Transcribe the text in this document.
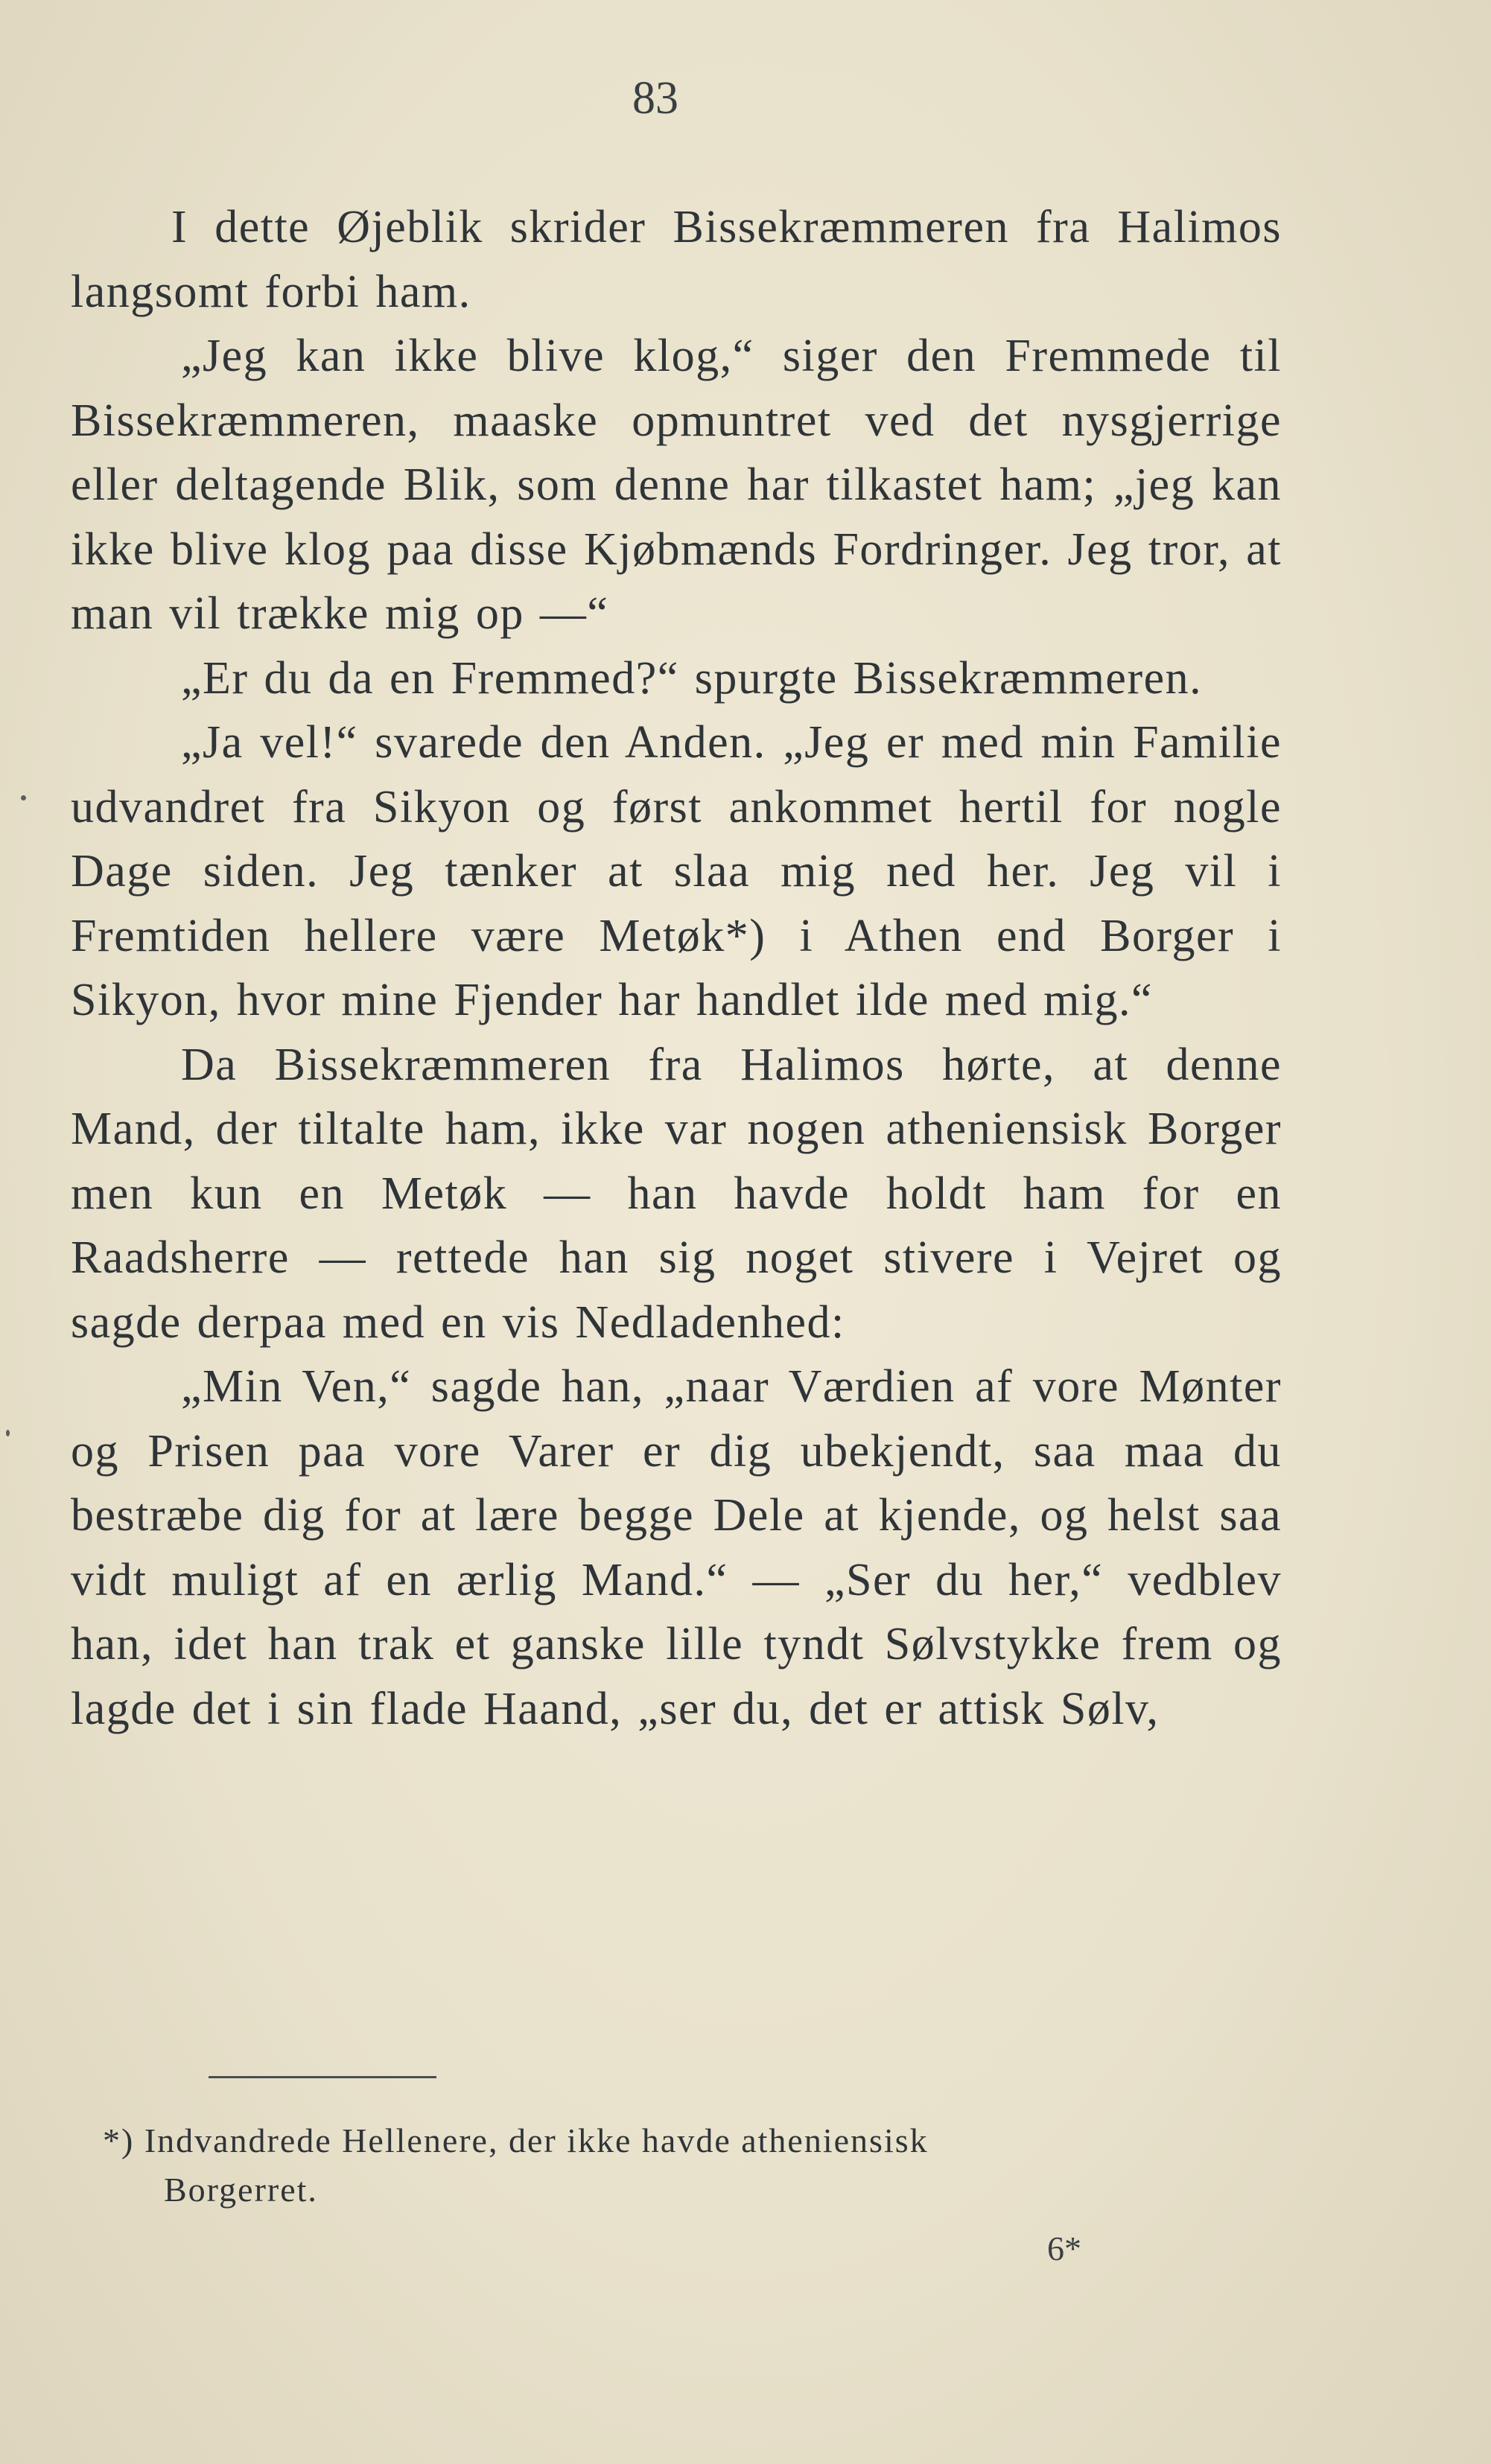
83

I dette Øjeblik skrider Bissekræmmeren fra Halimos langsomt forbi ham.

„Jeg kan ikke blive klog,“ siger den Fremmede til Bissekræmmeren, maaske opmuntret ved det nysgjerrige eller deltagende Blik, som denne har tilkastet ham; „jeg kan ikke blive klog paa disse Kjøbmænds Fordringer. Jeg tror, at man vil trække mig op —“

„Er du da en Fremmed?“ spurgte Bissekræmmeren.

„Ja vel!“ svarede den Anden. „Jeg er med min Familie udvandret fra Sikyon og først ankommet hertil for nogle Dage siden. Jeg tænker at slaa mig ned her. Jeg vil i Fremtiden hellere være Metøk*) i Athen end Borger i Sikyon, hvor mine Fjender har handlet ilde med mig.“

Da Bissekræmmeren fra Halimos hørte, at denne Mand, der tiltalte ham, ikke var nogen atheniensisk Borger men kun en Metøk — han havde holdt ham for en Raadsherre — rettede han sig noget stivere i Vejret og sagde derpaa med en vis Nedladenhed:

„Min Ven,“ sagde han, „naar Værdien af vore Mønter og Prisen paa vore Varer er dig ubekjendt, saa maa du bestræbe dig for at lære begge Dele at kjende, og helst saa vidt muligt af en ærlig Mand.“ — „Ser du her,“ vedblev han, idet han trak et ganske lille tyndt Sølvstykke frem og lagde det i sin flade Haand, „ser du, det er attisk Sølv,

*) Indvandrede Hellenere, der ikke havde atheniensisk

Borgerret.

6*
